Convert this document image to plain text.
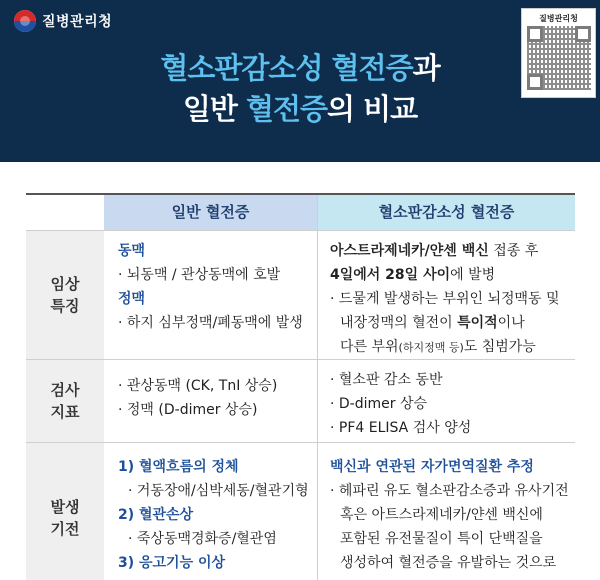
질병관리청	질병관리청
혈소판감소성 혈전증과
일반 혈전증의 비교
일반 혈전증	혈소판감소성 혈전증
임상
특징
동맥
· 뇌동맥 / 관상동맥에 호발
정맥
· 하지 심부정맥/폐동맥에 발생
아스트라제네카/얀센 백신 접종 후
4일에서 28일 사이에 발병
· 드물게 발생하는 부위인 뇌정맥동 및
내장정맥의 혈전이 특이적이나
다른 부위(하지정맥 등)도 침범가능
검사
지표
· 관상동맥 (CK, TnI 상승)
· 정맥 (D-dimer 상승)
· 혈소판 감소 동반
· D-dimer 상승
· PF4 ELISA 검사 양성
발생
기전
1) 혈액흐름의 정체
· 거동장애/심박세동/혈관기형
2) 혈관손상
· 죽상동맥경화증/혈관염
3) 응고기능 이상
백신과 연관된 자가면역질환 추정
· 헤파린 유도 혈소판감소증과 유사기전
혹은 아트스라제네카/얀센 백신에
포함된 유전물질이 특이 단백질을
생성하여 혈전증을 유발하는 것으로
